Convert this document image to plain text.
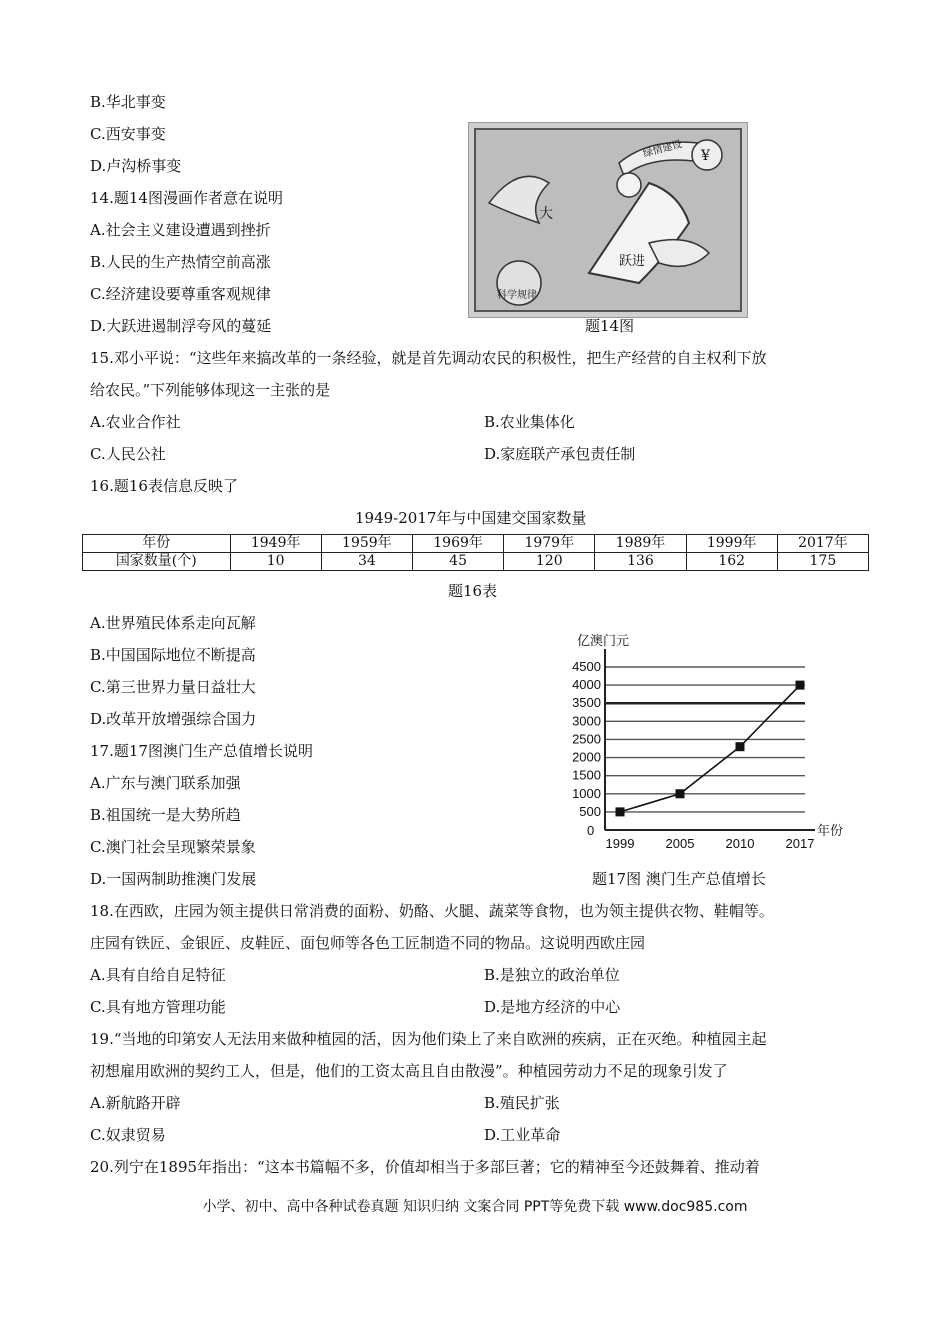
B.华北事变
C.西安事变
D.卢沟桥事变
14.题14图漫画作者意在说明
A.社会主义建设遭遇到挫折
B.人民的生产热情空前高涨
C.经济建设要尊重客观规律
D.大跃进遏制浮夸风的蔓延
绿情建设 ¥
大
跃进
科学规律
题14图
15.邓小平说：“这些年来搞改革的一条经验，就是首先调动农民的积极性，把生产经营的自主权利下放
给农民。”下列能够体现这一主张的是
A.农业合作社	B.农业集体化
C.人民公社	D.家庭联产承包责任制
16.题16表信息反映了
1949-2017年与中国建交国家数量
年份	1949年	1959年	1969年	1979年	1989年	1999年	2017年
国家数量(个)	10	34	45	120	136	162	175
题16表
A.世界殖民体系走向瓦解
B.中国国际地位不断提高
C.第三世界力量日益壮大
D.改革开放增强综合国力
17.题17图澳门生产总值增长说明
A.广东与澳门联系加强
B.祖国统一是大势所趋
C.澳门社会呈现繁荣景象
D.一国两制助推澳门发展
500
1000
1500
2000
2500
3000
3500
4000
4500
亿澳门元
0	年份
1999 2005 2010 2017
题17图 澳门生产总值增长
18.在西欧，庄园为领主提供日常消费的面粉、奶酪、火腿、蔬菜等食物，也为领主提供衣物、鞋帽等。
庄园有铁匠、金银匠、皮鞋匠、面包师等各色工匠制造不同的物品。这说明西欧庄园
A.具有自给自足特征	B.是独立的政治单位
C.具有地方管理功能	D.是地方经济的中心
19.“当地的印第安人无法用来做种植园的活，因为他们染上了来自欧洲的疾病，正在灭绝。种植园主起
初想雇用欧洲的契约工人，但是，他们的工资太高且自由散漫”。种植园劳动力不足的现象引发了
A.新航路开辟	B.殖民扩张
C.奴隶贸易	D.工业革命
20.列宁在1895年指出：“这本书篇幅不多，价值却相当于多部巨著；它的精神至今还鼓舞着、推动着
小学、初中、高中各种试卷真题 知识归纳 文案合同 PPT等免费下载 www.doc985.com
